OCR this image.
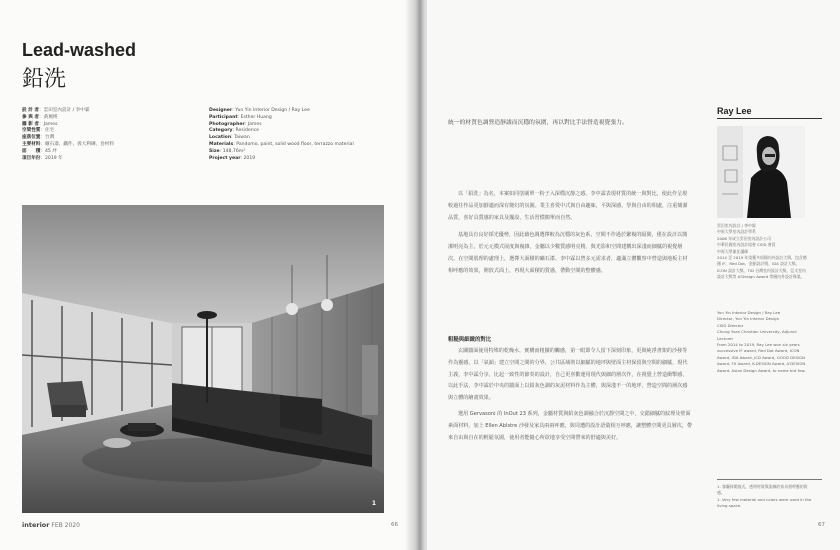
Lead-washed
鉛洗
設 計 者：雲田室內設計 / 李中霖
參 與 者：黃琬瑛
攝 影 者：James
空間性質：住宅
座落位置：台灣
主要材料：礦石漆、鐵件、義大利磚、卷材料
面　　積：45 坪
項目年份：2019 年
Designer: Yun Yin Interior Design / Ray Lee
Participant: Esther Huang
Photographer: James
Category: Residence
Location: Taiwan
Materials: Pandomo, paint, solid wood floor, terrazzo material
Size: 148.76m²
Project year: 2019
1
interior FEB 2020	66
統一的材質色調營造靜謐而沉穩的氛圍，再以對比手法營造視覺張力。

以「鉛洗」為名，本案如同塗刷單一粉子入深穩沉靜之感。李中霖表現材質的統一與對比，使此作呈現較過往作品更加靜謐而深有變幻的氛圍。業主喜愛中式與自由趣味，平與深感，學與自由的相處，注重簡潔品質，喜好具質感的家具及擺設，生活習慣簡單而自然。

基地具有良好採光優勢，因此藉色調選擇較為沉穩的灰色系，空間不作過於繁複的隔間，僅在設計以簡潔明亮為主，於元元模式展度與複雜，金屬以少數質感明亮精，與光影和空間建構出深淺而細膩的視覺層次。在空間肌理的處理上，選擇大面積的礦石漆。李中霖以營多元需求者，適滿立體觀察中營造與地板主材相呼應的效果，開放式面上，再現大面積的質感，帶動空間的整體感。

粗糙與細緻的對比

玄關牆面使用特殊的乾燥水，實構而粗獷的觸感，第一眼即令人留下深刻印象，更與純淨書架的沙發等作為靈感，以「氣韻」建立空間之間的分界，公共區域則以細膩的地坪與壁面主材保留與空間的細膩，現代主義，李中霖分享，比起一致性的節奏的設計，自己更喜歡運用現代與細的層次作，在視覺上營造衝擊感，以此手法，李中霖於中央的牆面上以鉛灰色調的灰泥材料作為主體，與深淺不一的地坪，營造空間的層次感與立體的繪畫效果。

選用 Gervasoni 的 InOut 23 系列，金屬材質與鉛灰色調融合於沉靜空間之中，交錯細膩的紋理及壁面素面材料，加上 Ellen Ablstre 沙發及家具兩兩呼應，與周遭的設計語彙相互呼應，讓整體空間更具層次，帶來自由與自在的輕鬆氛圍，使用者能隨心所欲地享受空間帶來的舒適與美好。

Ray Lee
雲田室內設計 / 李中霖
中原大學室內設計學系
2006 年成立雲田室內設計公司
中華民國室內設計協會 CSID 會員
中原大學兼任講師
2014 至 2019 年榮獲多項國內外設計大獎，包含德國 iF、Red Dot、金點設計獎、IDA 設計大獎、ICON 設計大獎、TID 台灣室內設計大獎，亞太室內設計大獎等 A'Design Award 等國內外設計殊榮。
Yun Yin Interior Design / Ray Lee
Director, Yun Yin Interior Design
CSID Director
Chung Yuan Christian University, Adjunct Lecturer
From 2014 to 2019, Ray Lee won six years successive IF award, Red Dot Award, ICON Award, IDA Award, JCD Award, GOOD DESIGN Award, FX Award, K-DESIGN Award, A'DESIGN Award, Asian Design Award, to name but few.
1. 客廳採開放式，透明材質與流線的家具相呼應的質感。
1. Very few material and colors were used in the living space.
67
